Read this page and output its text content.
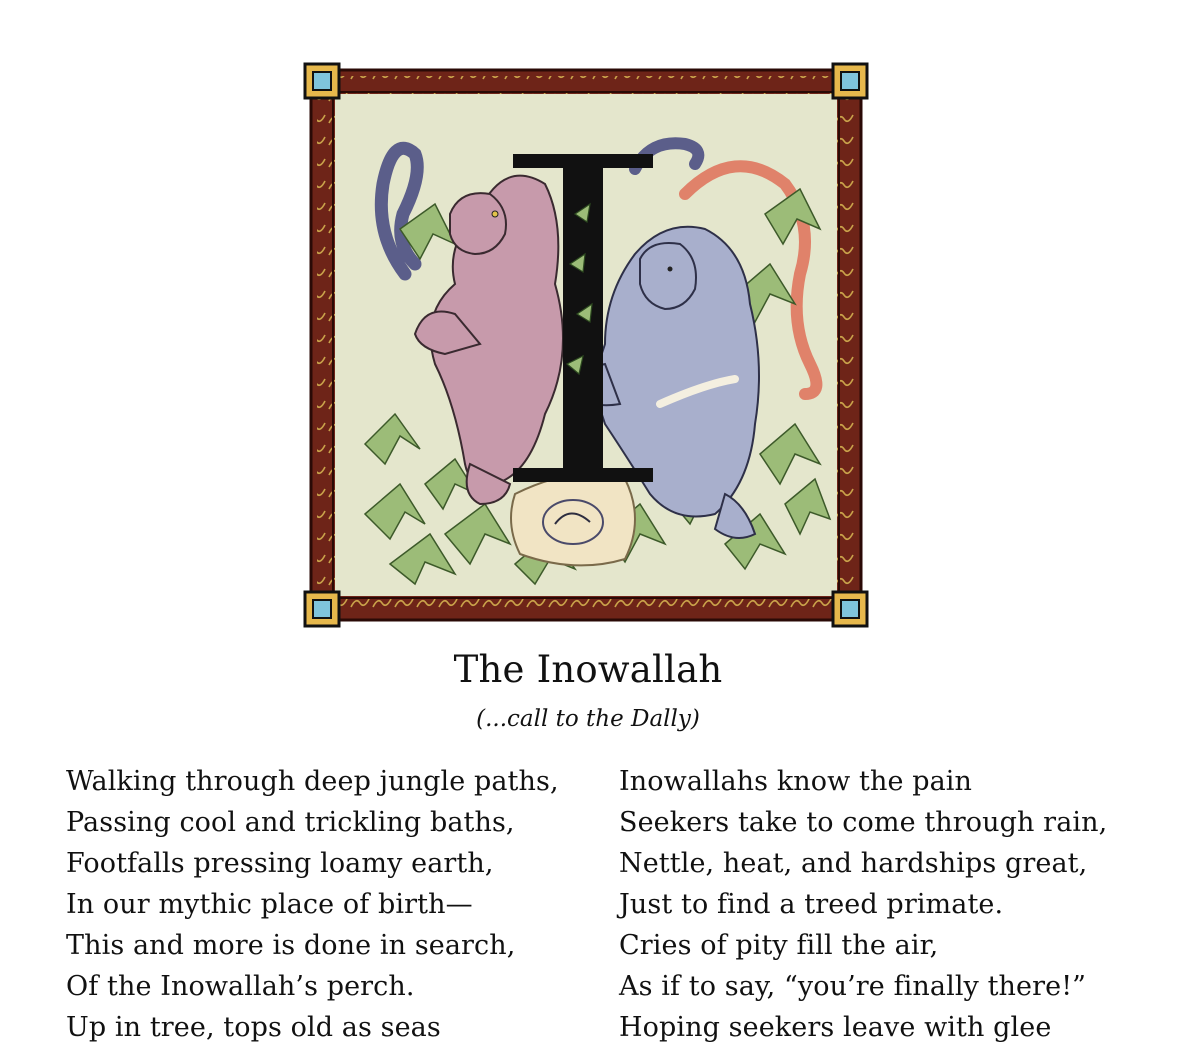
The Inowallah
(...call to the Dally)
Walking through deep jungle paths,
Passing cool and trickling baths,
Footfalls pressing loamy earth,
In our mythic place of birth—
This and more is done in search,
Of the Inowallah’s perch.
Up in tree, tops old as seas
Inowallahs know the pain
Seekers take to come through rain,
Nettle, heat, and hardships great,
Just to find a treed primate.
Cries of pity fill the air,
As if to say, “you’re finally there!”
Hoping seekers leave with glee
